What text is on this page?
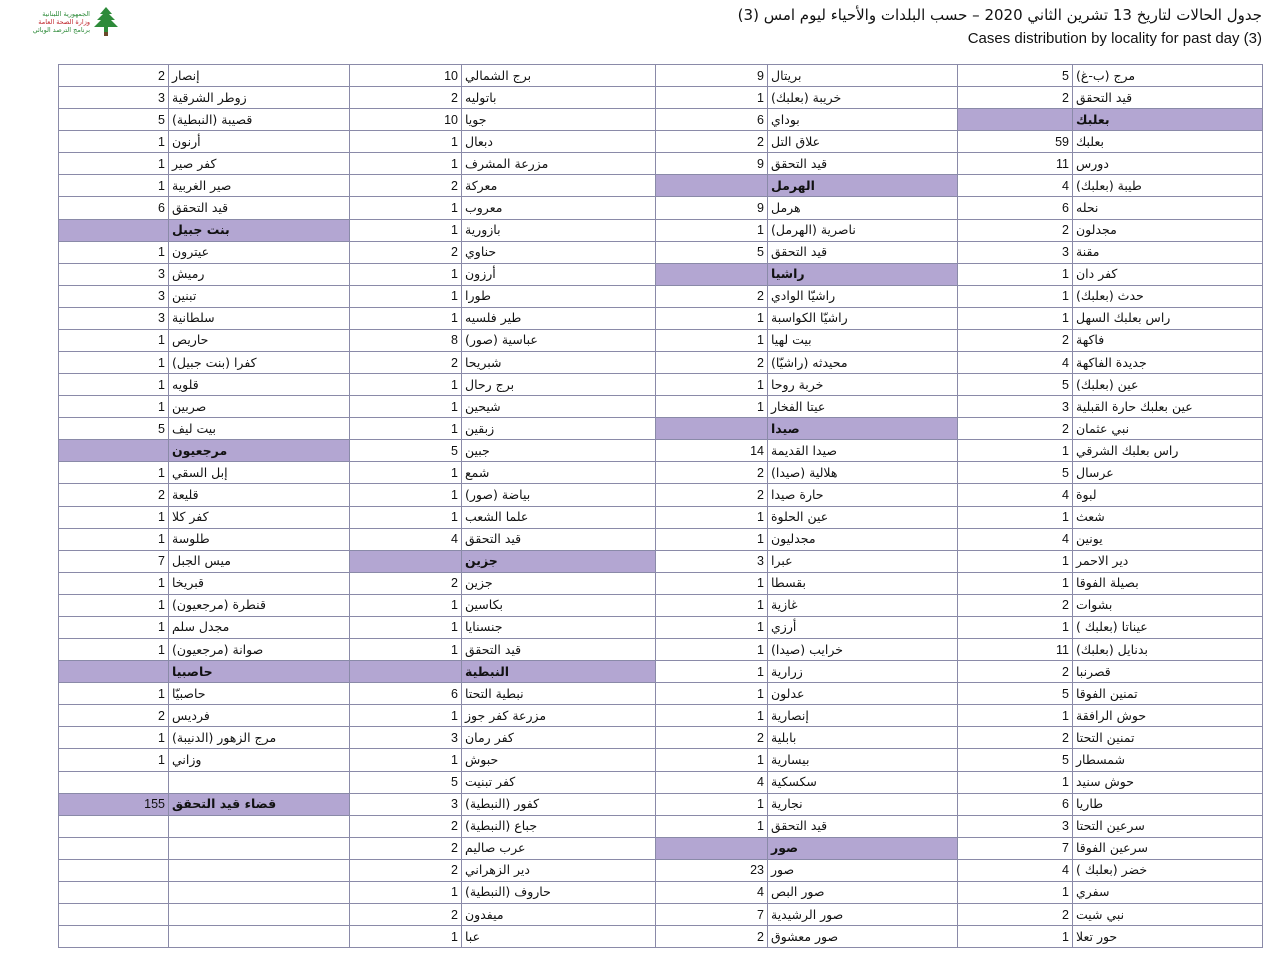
الجمهورية اللبنانية
وزارة الصحة العامة
برنامج الترصد الوبائي
جدول الحالات لتاريخ 13 تشرين الثاني 2020 – حسب البلدات والأحياء ليوم امس (3)
Cases distribution by locality for past day (3)
2	إنصار	10	برج الشمالي	9	بريتال	5	مرج (ب-غ)
3	زوطر الشرقية	2	باتوليه	1	خريبة (بعلبك)	2	قيد التحقق
5	قصيبة (النبطية)	10	جويا	6	بوداي		بعلبك
1	أرنون	1	دبعال	2	علاق التل	59	بعلبك
1	كفر صير	1	مزرعة المشرف	9	قيد التحقق	11	دورس
1	صير الغربية	2	معركة		الهرمل	4	طيبة (بعلبك)
6	قيد التحقق	1	معروب	9	هرمل	6	نحله
	بنت جبيل	1	بازورية	1	ناصرية (الهرمل)	2	مجدلون
1	عيترون	2	حناوي	5	قيد التحقق	3	مقنة
3	رميش	1	أرزون		راشيا	1	كفر دان
3	تبنين	1	طورا	2	راشيّا الوادي	1	حدث (بعلبك)
3	سلطانية	1	طير فلسيه	1	راشيّا الكواسبة	1	راس بعلبك السهل
1	حاريص	8	عباسية (صور)	1	بيت لهيا	2	فاكهة
1	كفرا (بنت جبيل)	2	شبريحا	2	محيدثه (راشيّا)	4	جديدة الفاكهة
1	قلويه	1	برج رحال	1	خربة روحا	5	عين (بعلبك)
1	صربين	1	شيحين	1	عيتا الفخار	3	عين بعلبك حارة القبلية
5	بيت ليف	1	زبقين		صيدا	2	نبي عثمان
	مرجعيون	5	جبين	14	صيدا القديمة	1	راس بعلبك الشرقي
1	إبل السقي	1	شمع	2	هلالية (صيدا)	5	عرسال
2	قليعة	1	بياضة (صور)	2	حارة صيدا	4	لبوة
1	كفر كلا	1	علما الشعب	1	عين الحلوة	1	شعث
1	طلوسة	4	قيد التحقق	1	مجدليون	4	يونين
7	ميس الجبل		جزين	3	عبرا	1	دير الاحمر
1	قبريخا	2	جزين	1	بقسطا	1	بصيلة الفوقا
1	قنطرة (مرجعيون)	1	بكاسين	1	غازية	2	بشوات
1	مجدل سلم	1	جنسنايا	1	أرزي	1	عيناتا (بعلبك )
1	صوانة (مرجعيون)	1	قيد التحقق	1	خرايب (صيدا)	11	بدنايل (بعلبك)
	حاصبيا		النبطية	1	زرارية	2	قصرنبا
1	حاصبيّا	6	نبطية التحتا	1	عدلون	5	تمنين الفوقا
2	فرديس	1	مزرعة كفر جوز	1	إنصارية	1	حوش الرافقة
1	مرج الزهور (الدنيبة)	3	كفر رمان	2	بابلية	2	تمنين التحتا
1	وزاني	1	حبوش	1	بيسارية	5	شمسطار
		5	كفر تبنيت	4	سكسكية	1	حوش سنيد
155	قضاء قيد التحقق	3	كفور (النبطية)	1	نجارية	6	طاريا
		2	جباع (النبطية)	1	قيد التحقق	3	سرعين التحتا
		2	عرب صاليم		صور	7	سرعين الفوقا
		2	دير الزهراني	23	صور	4	خضر (بعلبك )
		1	حاروف (النبطية)	4	صور البص	1	سفري
		2	ميفدون	7	صور الرشيدية	2	نبي شيت
		1	عبا	2	صور معشوق	1	حور تعلا
